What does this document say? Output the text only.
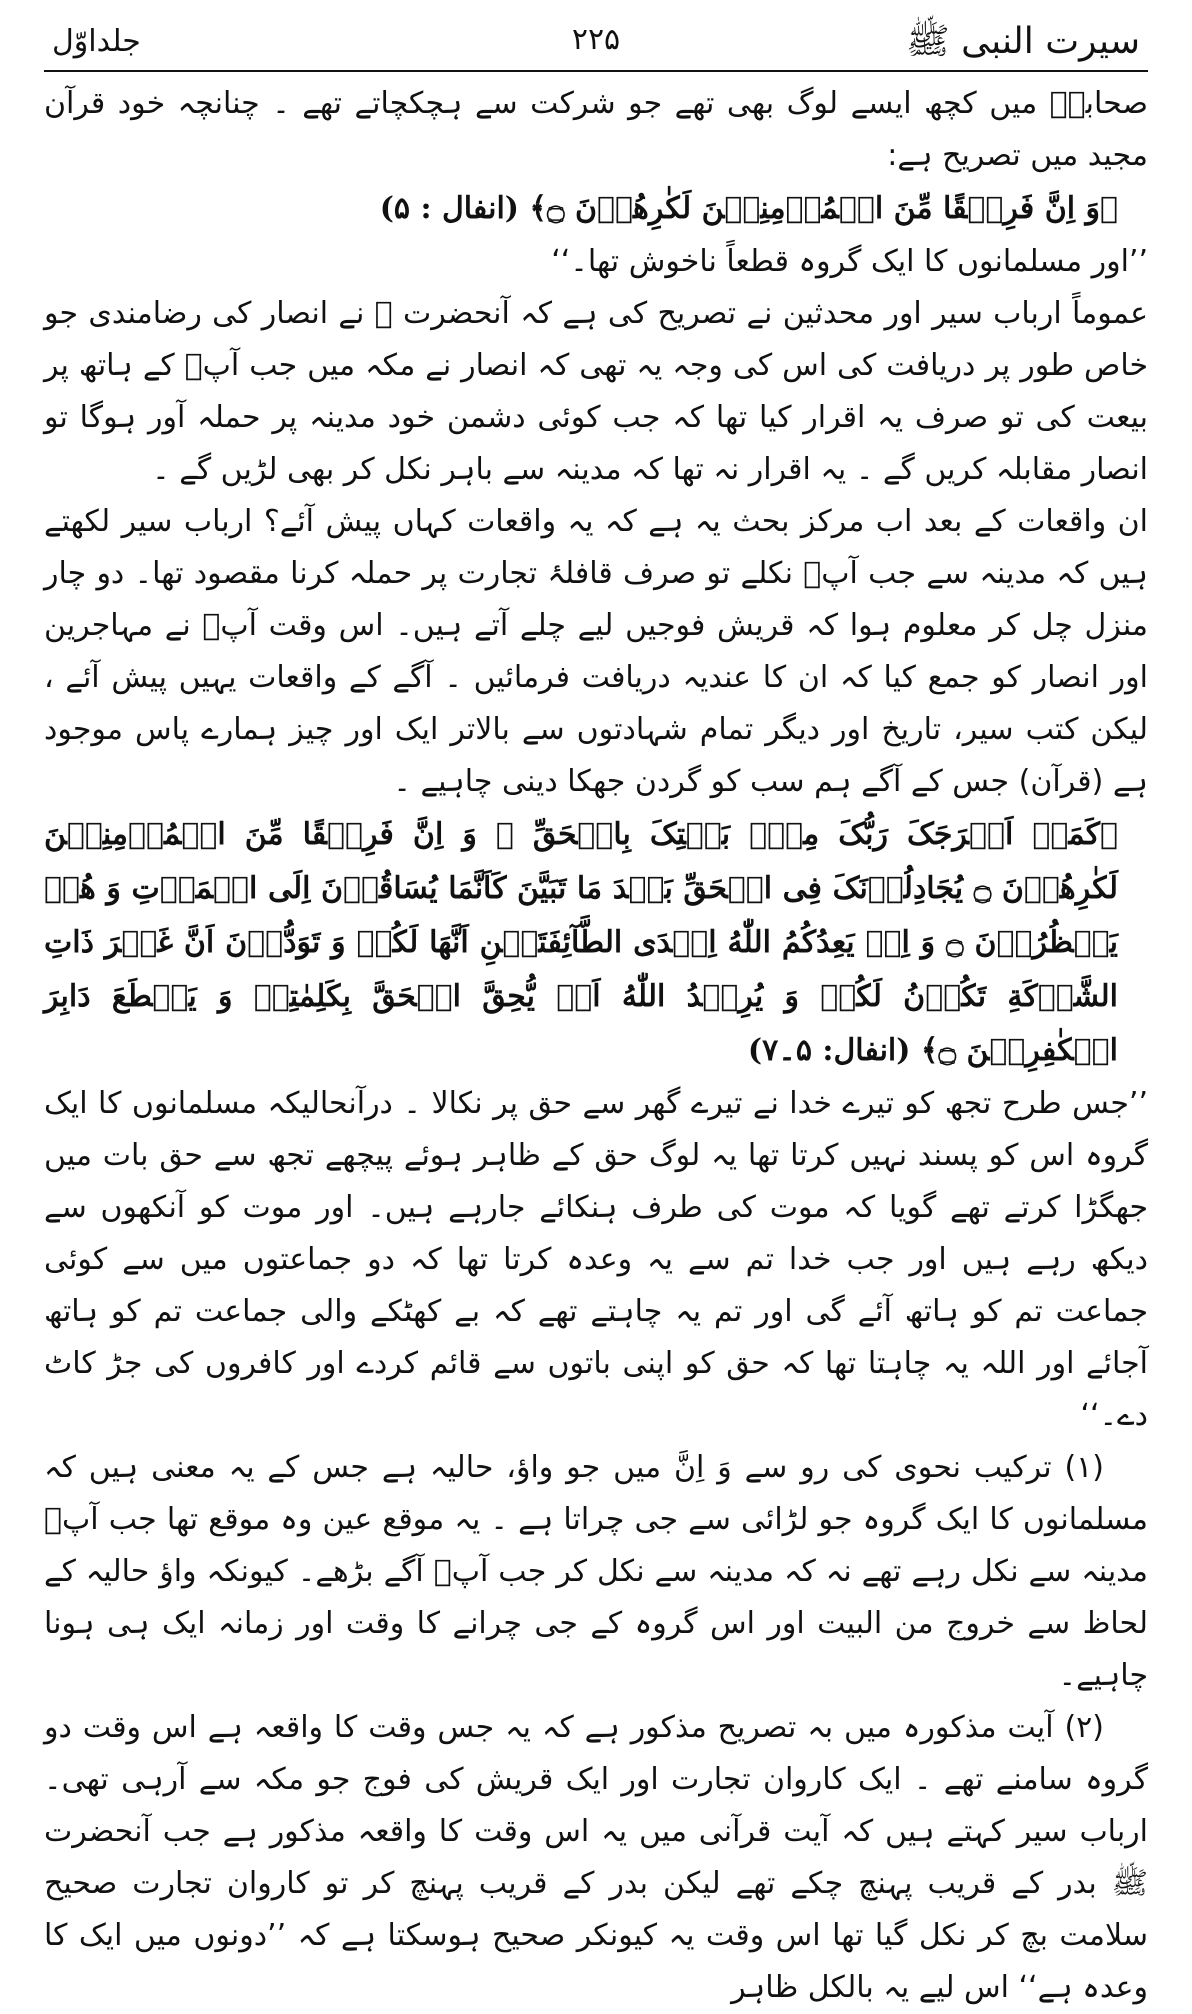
سیرت النبی ﷺ
۲۲۵
جلداوّل

صحابہؓ میں کچھ ایسے لوگ بھی تھے جو شرکت سے ہچکچاتے تھے ۔ چنانچہ خود قرآن مجید میں تصریح ہے:

﴿وَ اِنَّ فَرِیۡقًا مِّنَ الۡمُؤۡمِنِیۡنَ لَکٰرِهُوۡنَ ۝﴾ (انفال : ۵)

’’اور مسلمانوں کا ایک گروہ قطعاً ناخوش تھا۔‘‘

عموماً ارباب سیر اور محدثین نے تصریح کی ہے کہ آنحضرت ﷺ نے انصار کی رضامندی جو خاص طور پر دریافت کی اس کی وجہ یہ تھی کہ انصار نے مکہ میں جب آپؐ کے ہاتھ پر بیعت کی تو صرف یہ اقرار کیا تھا کہ جب کوئی دشمن خود مدینہ پر حملہ آور ہوگا تو انصار مقابلہ کریں گے ۔ یہ اقرار نہ تھا کہ مدینہ سے باہر نکل کر بھی لڑیں گے ۔

ان واقعات کے بعد اب مرکز بحث یہ ہے کہ یہ واقعات کہاں پیش آئے؟ ارباب سیر لکھتے ہیں کہ مدینہ سے جب آپؐ نکلے تو صرف قافلۂ تجارت پر حملہ کرنا مقصود تھا۔ دو چار منزل چل کر معلوم ہوا کہ قریش فوجیں لیے چلے آتے ہیں۔ اس وقت آپؐ نے مہاجرین اور انصار کو جمع کیا کہ ان کا عندیہ دریافت فرمائیں ۔ آگے کے واقعات یہیں پیش آئے ، لیکن کتب سیر، تاریخ اور دیگر تمام شہادتوں سے بالاتر ایک اور چیز ہمارے پاس موجود ہے (قرآن) جس کے آگے ہم سب کو گردن جھکا دینی چاہیے ۔

﴿کَمَاۤ اَخۡرَجَکَ رَبُّکَ مِنۡۢ بَیۡتِکَ بِالۡحَقِّ ۪ وَ اِنَّ فَرِیۡقًا مِّنَ الۡمُؤۡمِنِیۡنَ لَکٰرِهُوۡنَ ۝ یُجَادِلُوۡنَکَ فِی الۡحَقِّ بَعۡدَ مَا تَبَیَّنَ کَاَنَّمَا یُسَاقُوۡنَ اِلَی الۡمَوۡتِ وَ هُمۡ یَنۡظُرُوۡنَ ۝ وَ اِذۡ یَعِدُکُمُ اللّٰهُ اِحۡدَی الطَّآئِفَتَیۡنِ اَنَّهَا لَکُمۡ وَ تَوَدُّوۡنَ اَنَّ غَیۡرَ ذَاتِ الشَّوۡکَةِ تَکُوۡنُ لَکُمۡ وَ یُرِیۡدُ اللّٰهُ اَنۡ یُّحِقَّ الۡحَقَّ بِکَلِمٰتِهٖ وَ یَقۡطَعَ دَابِرَ الۡکٰفِرِیۡنَ ۝﴾ (انفال: ۵۔۷)

’’جس طرح تجھ کو تیرے خدا نے تیرے گھر سے حق پر نکالا ۔ درآنحالیکہ مسلمانوں کا ایک گروہ اس کو پسند نہیں کرتا تھا یہ لوگ حق کے ظاہر ہوئے پیچھے تجھ سے حق بات میں جھگڑا کرتے تھے گویا کہ موت کی طرف ہنکائے جارہے ہیں۔ اور موت کو آنکھوں سے دیکھ رہے ہیں اور جب خدا تم سے یہ وعدہ کرتا تھا کہ دو جماعتوں میں سے کوئی جماعت تم کو ہاتھ آئے گی اور تم یہ چاہتے تھے کہ بے کھٹکے والی جماعت تم کو ہاتھ آجائے اور اللہ یہ چاہتا تھا کہ حق کو اپنی باتوں سے قائم کردے اور کافروں کی جڑ کاٹ دے۔‘‘

(۱) ترکیب نحوی کی رو سے وَ اِنَّ میں جو واؤ، حالیہ ہے جس کے یہ معنی ہیں کہ مسلمانوں کا ایک گروہ جو لڑائی سے جی چراتا ہے ۔ یہ موقع عین وہ موقع تھا جب آپؐ مدینہ سے نکل رہے تھے نہ کہ مدینہ سے نکل کر جب آپؐ آگے بڑھے۔ کیونکہ واؤ حالیہ کے لحاظ سے خروج من البیت اور اس گروہ کے جی چرانے کا وقت اور زمانہ ایک ہی ہونا چاہیے۔

(۲) آیت مذکورہ میں بہ تصریح مذکور ہے کہ یہ جس وقت کا واقعہ ہے اس وقت دو گروہ سامنے تھے ۔ ایک کاروان تجارت اور ایک قریش کی فوج جو مکہ سے آرہی تھی۔ ارباب سیر کہتے ہیں کہ آیت قرآنی میں یہ اس وقت کا واقعہ مذکور ہے جب آنحضرت ﷺ بدر کے قریب پہنچ چکے تھے لیکن بدر کے قریب پہنچ کر تو کاروان تجارت صحیح سلامت بچ کر نکل گیا تھا اس وقت یہ کیونکر صحیح ہوسکتا ہے کہ ’’دونوں میں ایک کا وعدہ ہے‘‘ اس لیے یہ بالکل ظاہر
